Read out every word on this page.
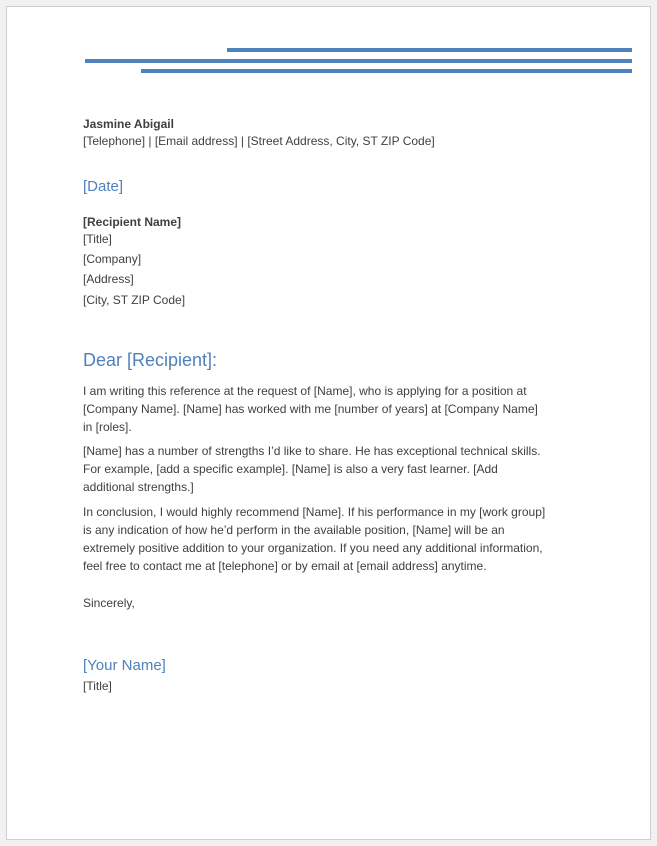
Jasmine Abigail
[Telephone] | [Email address] | [Street Address, City, ST ZIP Code]
[Date]
[Recipient Name]
[Title]
[Company]
[Address]
[City, ST ZIP Code]
Dear [Recipient]:
I am writing this reference at the request of [Name], who is applying for a position at [Company Name]. [Name] has worked with me [number of years] at [Company Name] in [roles].
[Name] has a number of strengths I’d like to share. He has exceptional technical skills. For example, [add a specific example]. [Name] is also a very fast learner. [Add additional strengths.]
In conclusion, I would highly recommend [Name]. If his performance in my [work group] is any indication of how he’d perform in the available position, [Name] will be an extremely positive addition to your organization. If you need any additional information, feel free to contact me at [telephone] or by email at [email address] anytime.
Sincerely,
[Your Name]
[Title]
